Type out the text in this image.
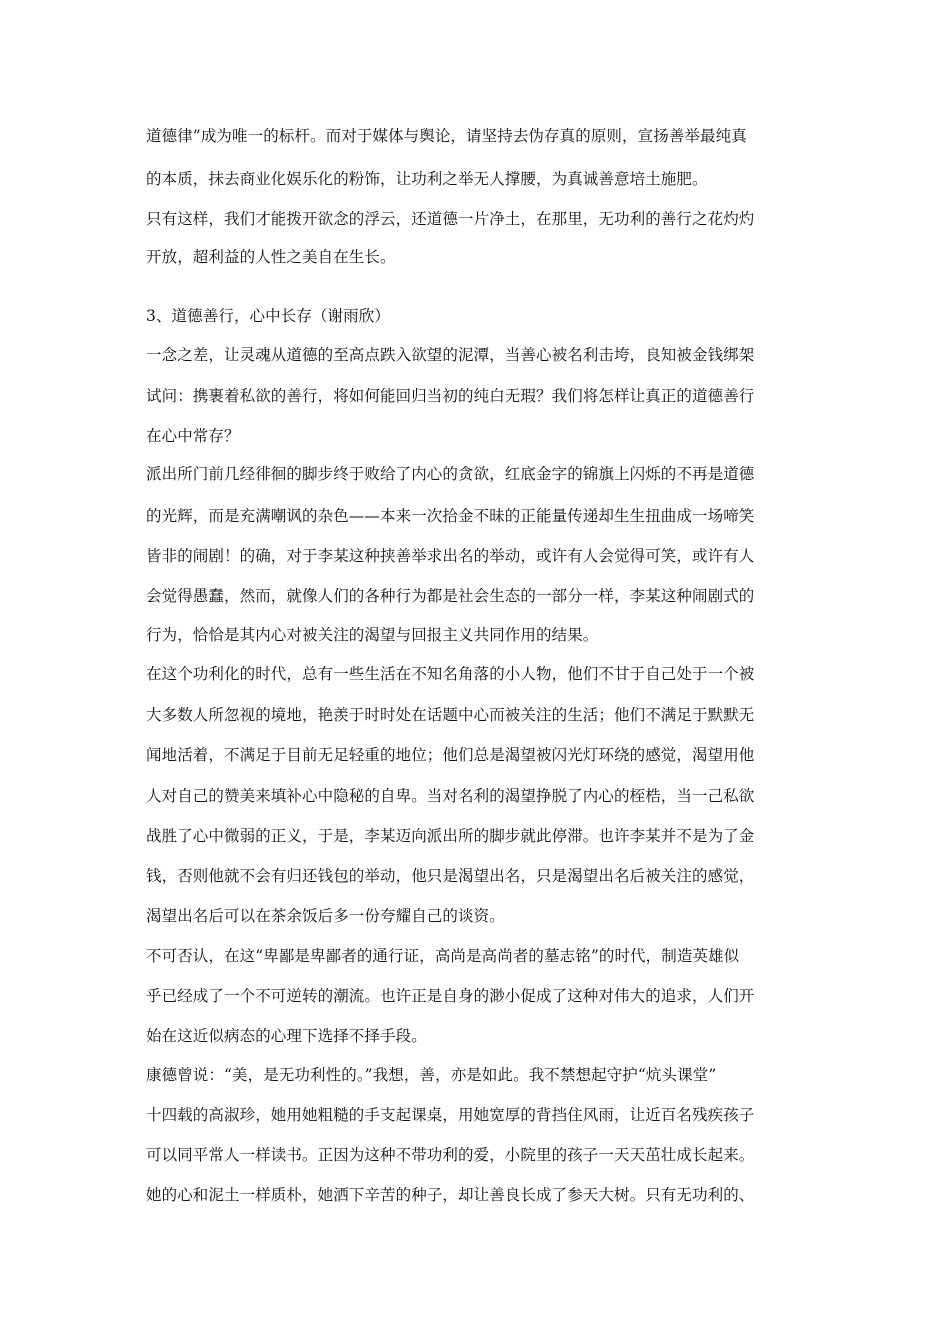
道德律”成为唯一的标杆。而对于媒体与舆论，请坚持去伪存真的原则，宣扬善举最纯真
的本质，抹去商业化娱乐化的粉饰，让功利之举无人撑腰，为真诚善意培土施肥。
只有这样，我们才能拨开欲念的浮云，还道德一片净土，在那里，无功利的善行之花灼灼
开放，超利益的人性之美自在生长。
3、道德善行，心中长存（谢雨欣）
一念之差，让灵魂从道德的至高点跌入欲望的泥潭，当善心被名利击垮，良知被金钱绑架
试问：携裹着私欲的善行，将如何能回归当初的纯白无瑕？我们将怎样让真正的道德善行
在心中常存？
派出所门前几经徘徊的脚步终于败给了内心的贪欲，红底金字的锦旗上闪烁的不再是道德
的光辉，而是充满嘲讽的杂色——本来一次拾金不昧的正能量传递却生生扭曲成一场啼笑
皆非的闹剧！的确，对于李某这种挟善举求出名的举动，或许有人会觉得可笑，或许有人
会觉得愚蠢，然而，就像人们的各种行为都是社会生态的一部分一样，李某这种闹剧式的
行为，恰恰是其内心对被关注的渴望与回报主义共同作用的结果。
在这个功利化的时代，总有一些生活在不知名角落的小人物，他们不甘于自己处于一个被
大多数人所忽视的境地，艳羡于时时处在话题中心而被关注的生活；他们不满足于默默无
闻地活着，不满足于目前无足轻重的地位；他们总是渴望被闪光灯环绕的感觉，渴望用他
人对自己的赞美来填补心中隐秘的自卑。当对名利的渴望挣脱了内心的桎梏，当一己私欲
战胜了心中微弱的正义，于是，李某迈向派出所的脚步就此停滞。也许李某并不是为了金
钱，否则他就不会有归还钱包的举动，他只是渴望出名，只是渴望出名后被关注的感觉，
渴望出名后可以在茶余饭后多一份夸耀自己的谈资。
不可否认，在这“卑鄙是卑鄙者的通行证，高尚是高尚者的墓志铭”的时代，制造英雄似
乎已经成了一个不可逆转的潮流。也许正是自身的渺小促成了这种对伟大的追求，人们开
始在这近似病态的心理下选择不择手段。
康德曾说：“美，是无功利性的。”我想，善，亦是如此。我不禁想起守护“炕头课堂”
十四载的高淑珍，她用她粗糙的手支起课桌，用她宽厚的背挡住风雨，让近百名残疾孩子
可以同平常人一样读书。正因为这种不带功利的爱，小院里的孩子一天天茁壮成长起来。
她的心和泥土一样质朴，她洒下辛苦的种子，却让善良长成了参天大树。只有无功利的、
